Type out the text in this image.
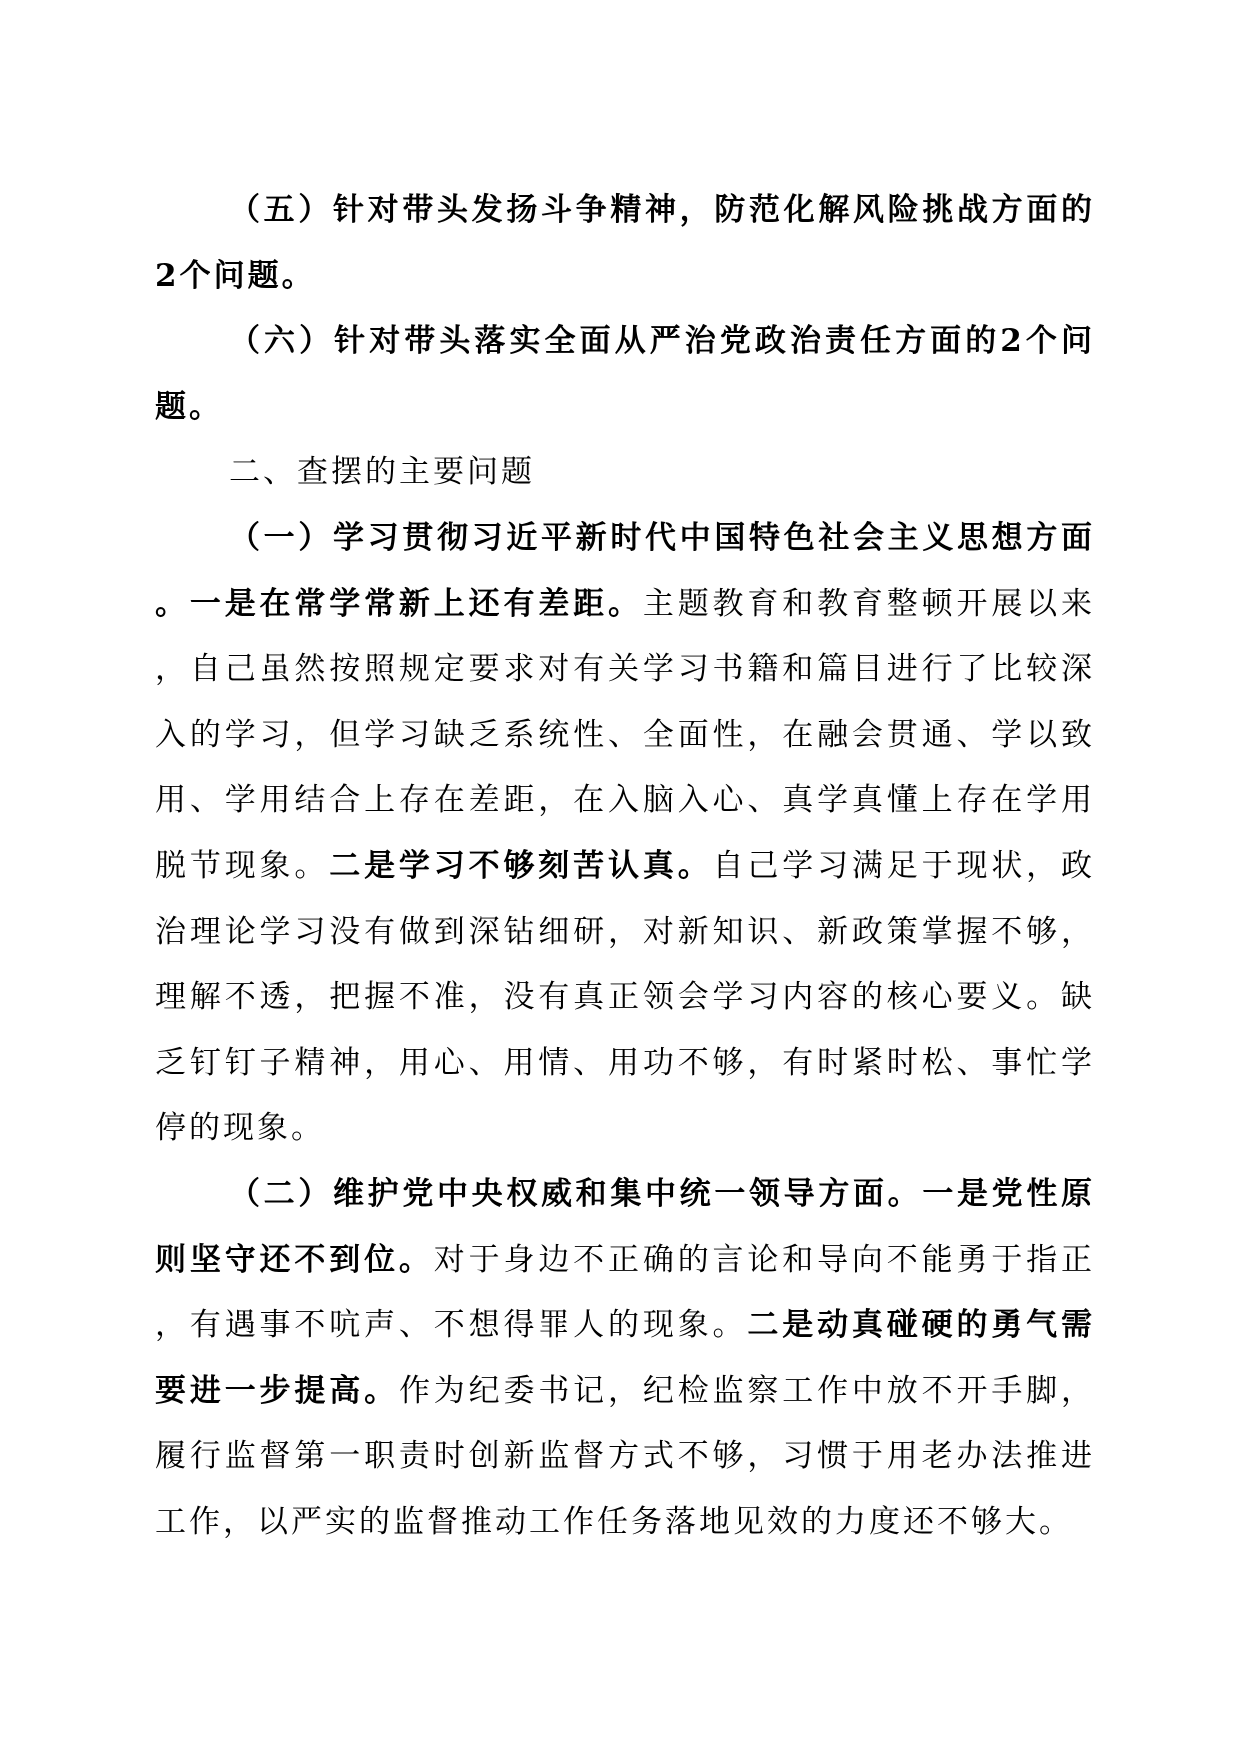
（五）针对带头发扬斗争精神，防范化解风险挑战方面的2个问题。

（六）针对带头落实全面从严治党政治责任方面的2个问题。

二、查摆的主要问题

（一）学习贯彻习近平新时代中国特色社会主义思想方面。一是在常学常新上还有差距。主题教育和教育整顿开展以来，自己虽然按照规定要求对有关学习书籍和篇目进行了比较深入的学习，但学习缺乏系统性、全面性，在融会贯通、学以致用、学用结合上存在差距，在入脑入心、真学真懂上存在学用脱节现象。二是学习不够刻苦认真。自己学习满足于现状，政治理论学习没有做到深钻细研，对新知识、新政策掌握不够，理解不透，把握不准，没有真正领会学习内容的核心要义。缺乏钉钉子精神，用心、用情、用功不够，有时紧时松、事忙学停的现象。

（二）维护党中央权威和集中统一领导方面。一是党性原则坚守还不到位。对于身边不正确的言论和导向不能勇于指正，有遇事不吭声、不想得罪人的现象。二是动真碰硬的勇气需要进一步提高。作为纪委书记，纪检监察工作中放不开手脚，履行监督第一职责时创新监督方式不够，习惯于用老办法推进工作，以严实的监督推动工作任务落地见效的力度还不够大。
